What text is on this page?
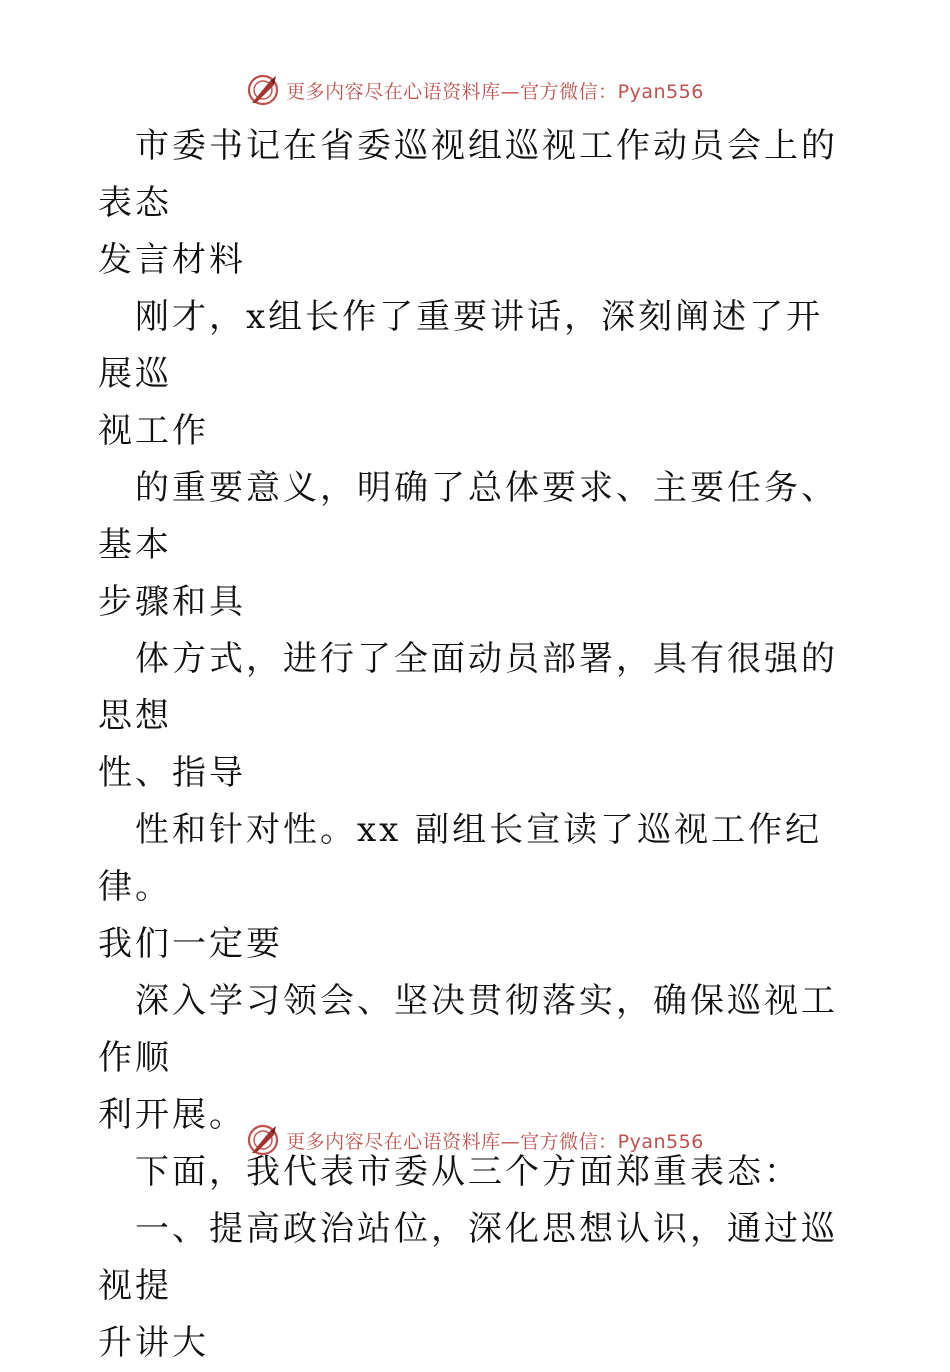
更多内容尽在心语资料库—官方微信：Pyan556

市委书记在省委巡视组巡视工作动员会上的表态
发言材料

刚才，x组长作了重要讲话，深刻阐述了开展巡
视工作

的重要意义，明确了总体要求、主要任务、基本
步骤和具

体方式，进行了全面动员部署，具有很强的思想
性、指导

性和针对性。xx 副组长宣读了巡视工作纪律。
我们一定要

深入学习领会、坚决贯彻落实，确保巡视工作顺
利开展。

下面，我代表市委从三个方面郑重表态：

一、提高政治站位，深化思想认识，通过巡视提
升讲大

更多内容尽在心语资料库—官方微信：Pyan556
